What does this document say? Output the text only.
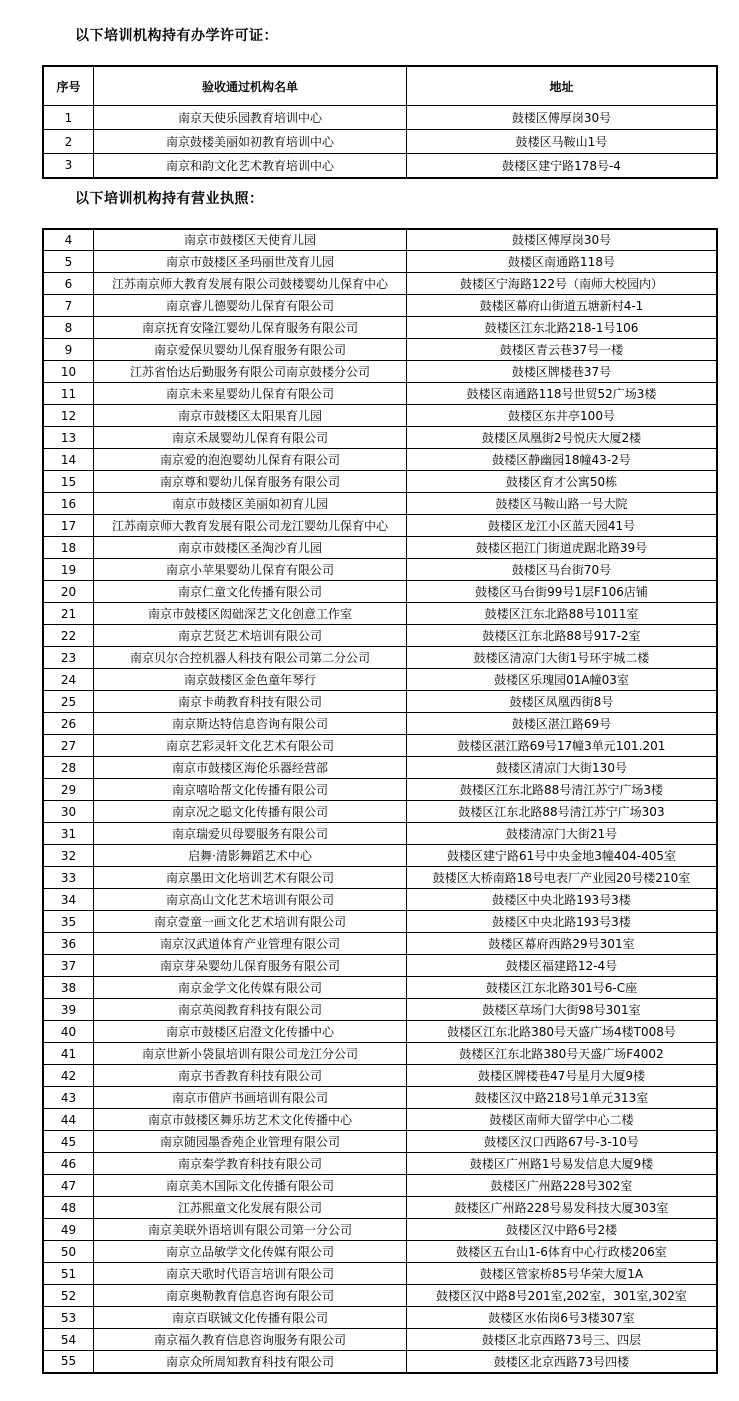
以下培训机构持有办学许可证：
序号	验收通过机构名单	地址
1	南京天使乐园教育培训中心	鼓楼区傅厚岗30号
2	南京鼓楼美丽如初教育培训中心	鼓楼区马鞍山1号
3	南京和韵文化艺术教育培训中心	鼓楼区建宁路178号-4
以下培训机构持有营业执照：
4	南京市鼓楼区天使育儿园	鼓楼区傅厚岗30号
5	南京市鼓楼区圣玛丽世茂育儿园	鼓楼区南通路118号
6	江苏南京师大教育发展有限公司鼓楼婴幼儿保育中心	鼓楼区宁海路122号（南师大校园内）
7	南京睿儿德婴幼儿保育有限公司	鼓楼区幕府山街道五塘新村4-1
8	南京抚育安隆江婴幼儿保育服务有限公司	鼓楼区江东北路218-1号106
9	南京爱保贝婴幼儿保育服务有限公司	鼓楼区青云巷37号一楼
10	江苏省怡达后勤服务有限公司南京鼓楼分公司	鼓楼区牌楼巷37号
11	南京未来星婴幼儿保育有限公司	鼓楼区南通路118号世贸52广场3楼
12	南京市鼓楼区太阳果育儿园	鼓楼区东井亭100号
13	南京禾晟婴幼儿保育有限公司	鼓楼区凤凰街2号悦庆大厦2楼
14	南京爱的泡泡婴幼儿保育有限公司	鼓楼区静幽园18幢43-2号
15	南京尊和婴幼儿保育服务有限公司	鼓楼区育才公寓50栋
16	南京市鼓楼区美丽如初育儿园	鼓楼区马鞍山路一号大院
17	江苏南京师大教育发展有限公司龙江婴幼儿保育中心	鼓楼区龙江小区蓝天园41号
18	南京市鼓楼区圣淘沙育儿园	鼓楼区挹江门街道虎踞北路39号
19	南京小苹果婴幼儿保育有限公司	鼓楼区马台街70号
20	南京仁童文化传播有限公司	鼓楼区马台街99号1层F106店铺
21	南京市鼓楼区闳础深艺文化创意工作室	鼓楼区江东北路88号1011室
22	南京艺贤艺术培训有限公司	鼓楼区江东北路88号917-2室
23	南京贝尔合控机器人科技有限公司第二分公司	鼓楼区清凉门大街1号环宇城二楼
24	南京鼓楼区金色童年琴行	鼓楼区乐瑰园01A幢03室
25	南京卡萌教育科技有限公司	鼓楼区凤凰西街8号
26	南京斯达特信息咨询有限公司	鼓楼区湛江路69号
27	南京艺彩灵轩文化艺术有限公司	鼓楼区湛江路69号17幢3单元101.201
28	南京市鼓楼区海伦乐器经营部	鼓楼区清凉门大街130号
29	南京嘻哈帮文化传播有限公司	鼓楼区江东北路88号清江苏宁广场3楼
30	南京况之聪文化传播有限公司	鼓楼区江东北路88号清江苏宁广场303
31	南京瑞爱贝母婴服务有限公司	鼓楼清凉门大街21号
32	启舞·清影舞蹈艺术中心	鼓楼区建宁路61号中央金地3幢404-405室
33	南京墨田文化培训艺术有限公司	鼓楼区大桥南路18号电表厂产业园20号楼210室
34	南京高山文化艺术培训有限公司	鼓楼区中央北路193号3楼
35	南京壹童一画文化艺术培训有限公司	鼓楼区中央北路193号3楼
36	南京汉武道体育产业管理有限公司	鼓楼区幕府西路29号301室
37	南京芽朵婴幼儿保育服务有限公司	鼓楼区福建路12-4号
38	南京金学文化传媒有限公司	鼓楼区江东北路301号6-C座
39	南京英阅教育科技有限公司	鼓楼区草场门大街98号301室
40	南京市鼓楼区启澄文化传播中心	鼓楼区江东北路380号天盛广场4楼T008号
41	南京世新小袋鼠培训有限公司龙江分公司	鼓楼区江东北路380号天盛广场F4002
42	南京书香教育科技有限公司	鼓楼区牌楼巷47号星月大厦9楼
43	南京市借庐书画培训有限公司	鼓楼区汉中路218号1单元313室
44	南京市鼓楼区舞乐坊艺术文化传播中心	鼓楼区南师大留学中心二楼
45	南京随园墨香苑企业管理有限公司	鼓楼区汉口西路67号-3-10号
46	南京秦学教育科技有限公司	鼓楼区广州路1号易发信息大厦9楼
47	南京美木国际文化传播有限公司	鼓楼区广州路228号302室
48	江苏熙童文化发展有限公司	鼓楼区广州路228号易发科技大厦303室
49	南京美联外语培训有限公司第一分公司	鼓楼区汉中路6号2楼
50	南京立品敏学文化传媒有限公司	鼓楼区五台山1-6体育中心行政楼206室
51	南京天歌时代语言培训有限公司	鼓楼区管家桥85号华荣大厦1A
52	南京奥勒教育信息咨询有限公司	鼓楼区汉中路8号201室,202室，301室,302室
53	南京百联铖文化传播有限公司	鼓楼区水佑岗6号3楼307室
54	南京福久教育信息咨询服务有限公司	鼓楼区北京西路73号三、四层
55	南京众所周知教育科技有限公司	鼓楼区北京西路73号四楼
